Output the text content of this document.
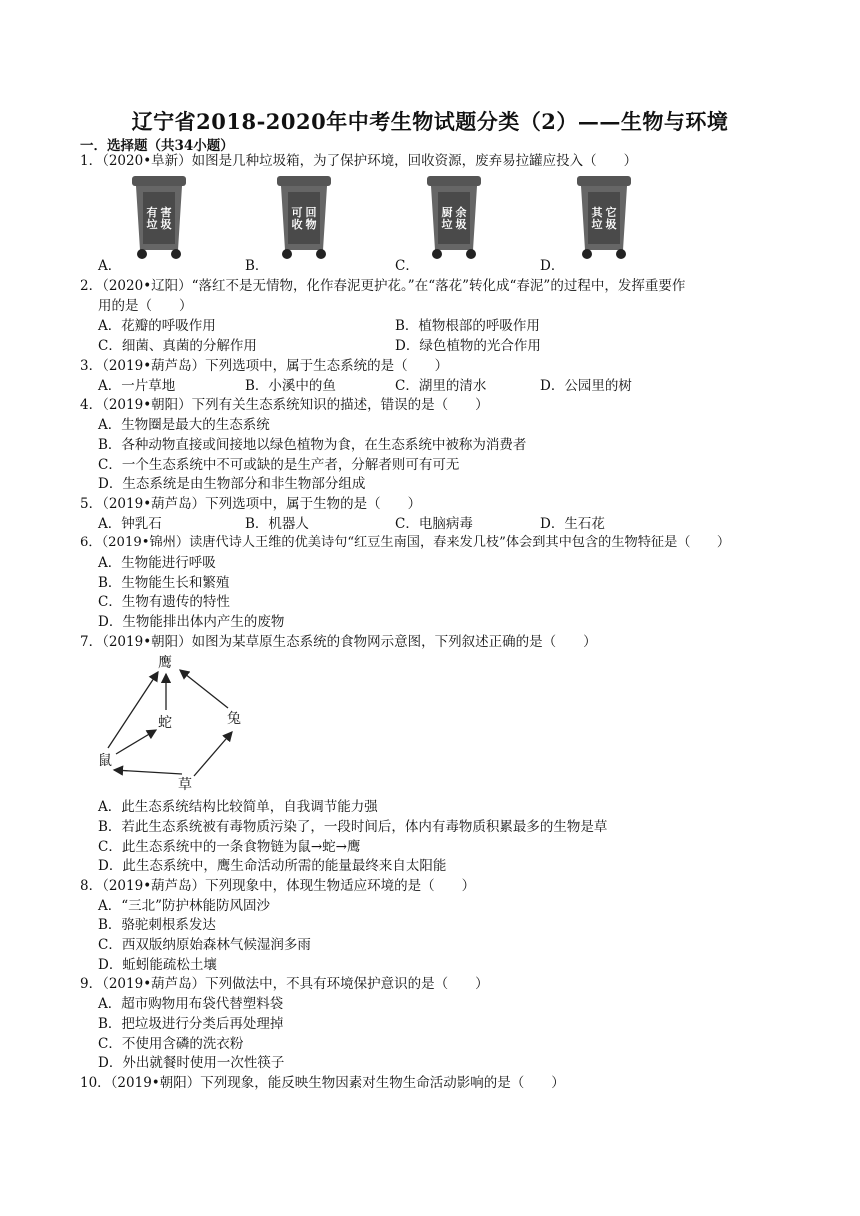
辽宁省2018-2020年中考生物试题分类（2）——生物与环境
一．选择题（共34小题）
1．（2020•阜新）如图是几种垃圾箱，为了保护环境，回收资源，废弃易拉罐应投入（　　）
有 害
垃 圾
可 回
收 物
厨 余
垃 圾
其 它
垃 圾
A．	B．	C．	D．
2．（2020•辽阳）“落红不是无情物，化作春泥更护花。”在“落花”转化成“春泥”的过程中，发挥重要作
用的是（　　）
A．花瓣的呼吸作用	B．植物根部的呼吸作用
C．细菌、真菌的分解作用	D．绿色植物的光合作用
3．（2019•葫芦岛）下列选项中，属于生态系统的是（　　）
A．一片草地	B．小溪中的鱼	C．湖里的清水	D．公园里的树
4．（2019•朝阳）下列有关生态系统知识的描述，错误的是（　　）
A．生物圈是最大的生态系统
B．各种动物直接或间接地以绿色植物为食，在生态系统中被称为消费者
C．一个生态系统中不可或缺的是生产者，分解者则可有可无
D．生态系统是由生物部分和非生物部分组成
5．（2019•葫芦岛）下列选项中，属于生物的是（　　）
A．钟乳石	B．机器人	C．电脑病毒	D．生石花
6．（2019•锦州）读唐代诗人王维的优美诗句“红豆生南国，春来发几枝”体会到其中包含的生物特征是（　　）
A．生物能进行呼吸
B．生物能生长和繁殖
C．生物有遗传的特性
D．生物能排出体内产生的废物
7．（2019•朝阳）如图为某草原生态系统的食物网示意图，下列叙述正确的是（　　）
鹰
蛇	兔
鼠
草
A．此生态系统结构比较简单，自我调节能力强
B．若此生态系统被有毒物质污染了，一段时间后，体内有毒物质积累最多的生物是草
C．此生态系统中的一条食物链为鼠→蛇→鹰
D．此生态系统中，鹰生命活动所需的能量最终来自太阳能
8．（2019•葫芦岛）下列现象中，体现生物适应环境的是（　　）
A．“三北”防护林能防风固沙
B．骆驼刺根系发达
C．西双版纳原始森林气候湿润多雨
D．蚯蚓能疏松土壤
9．（2019•葫芦岛）下列做法中，不具有环境保护意识的是（　　）
A．超市购物用布袋代替塑料袋
B．把垃圾进行分类后再处理掉
C．不使用含磷的洗衣粉
D．外出就餐时使用一次性筷子
10．（2019•朝阳）下列现象，能反映生物因素对生物生命活动影响的是（　　）
